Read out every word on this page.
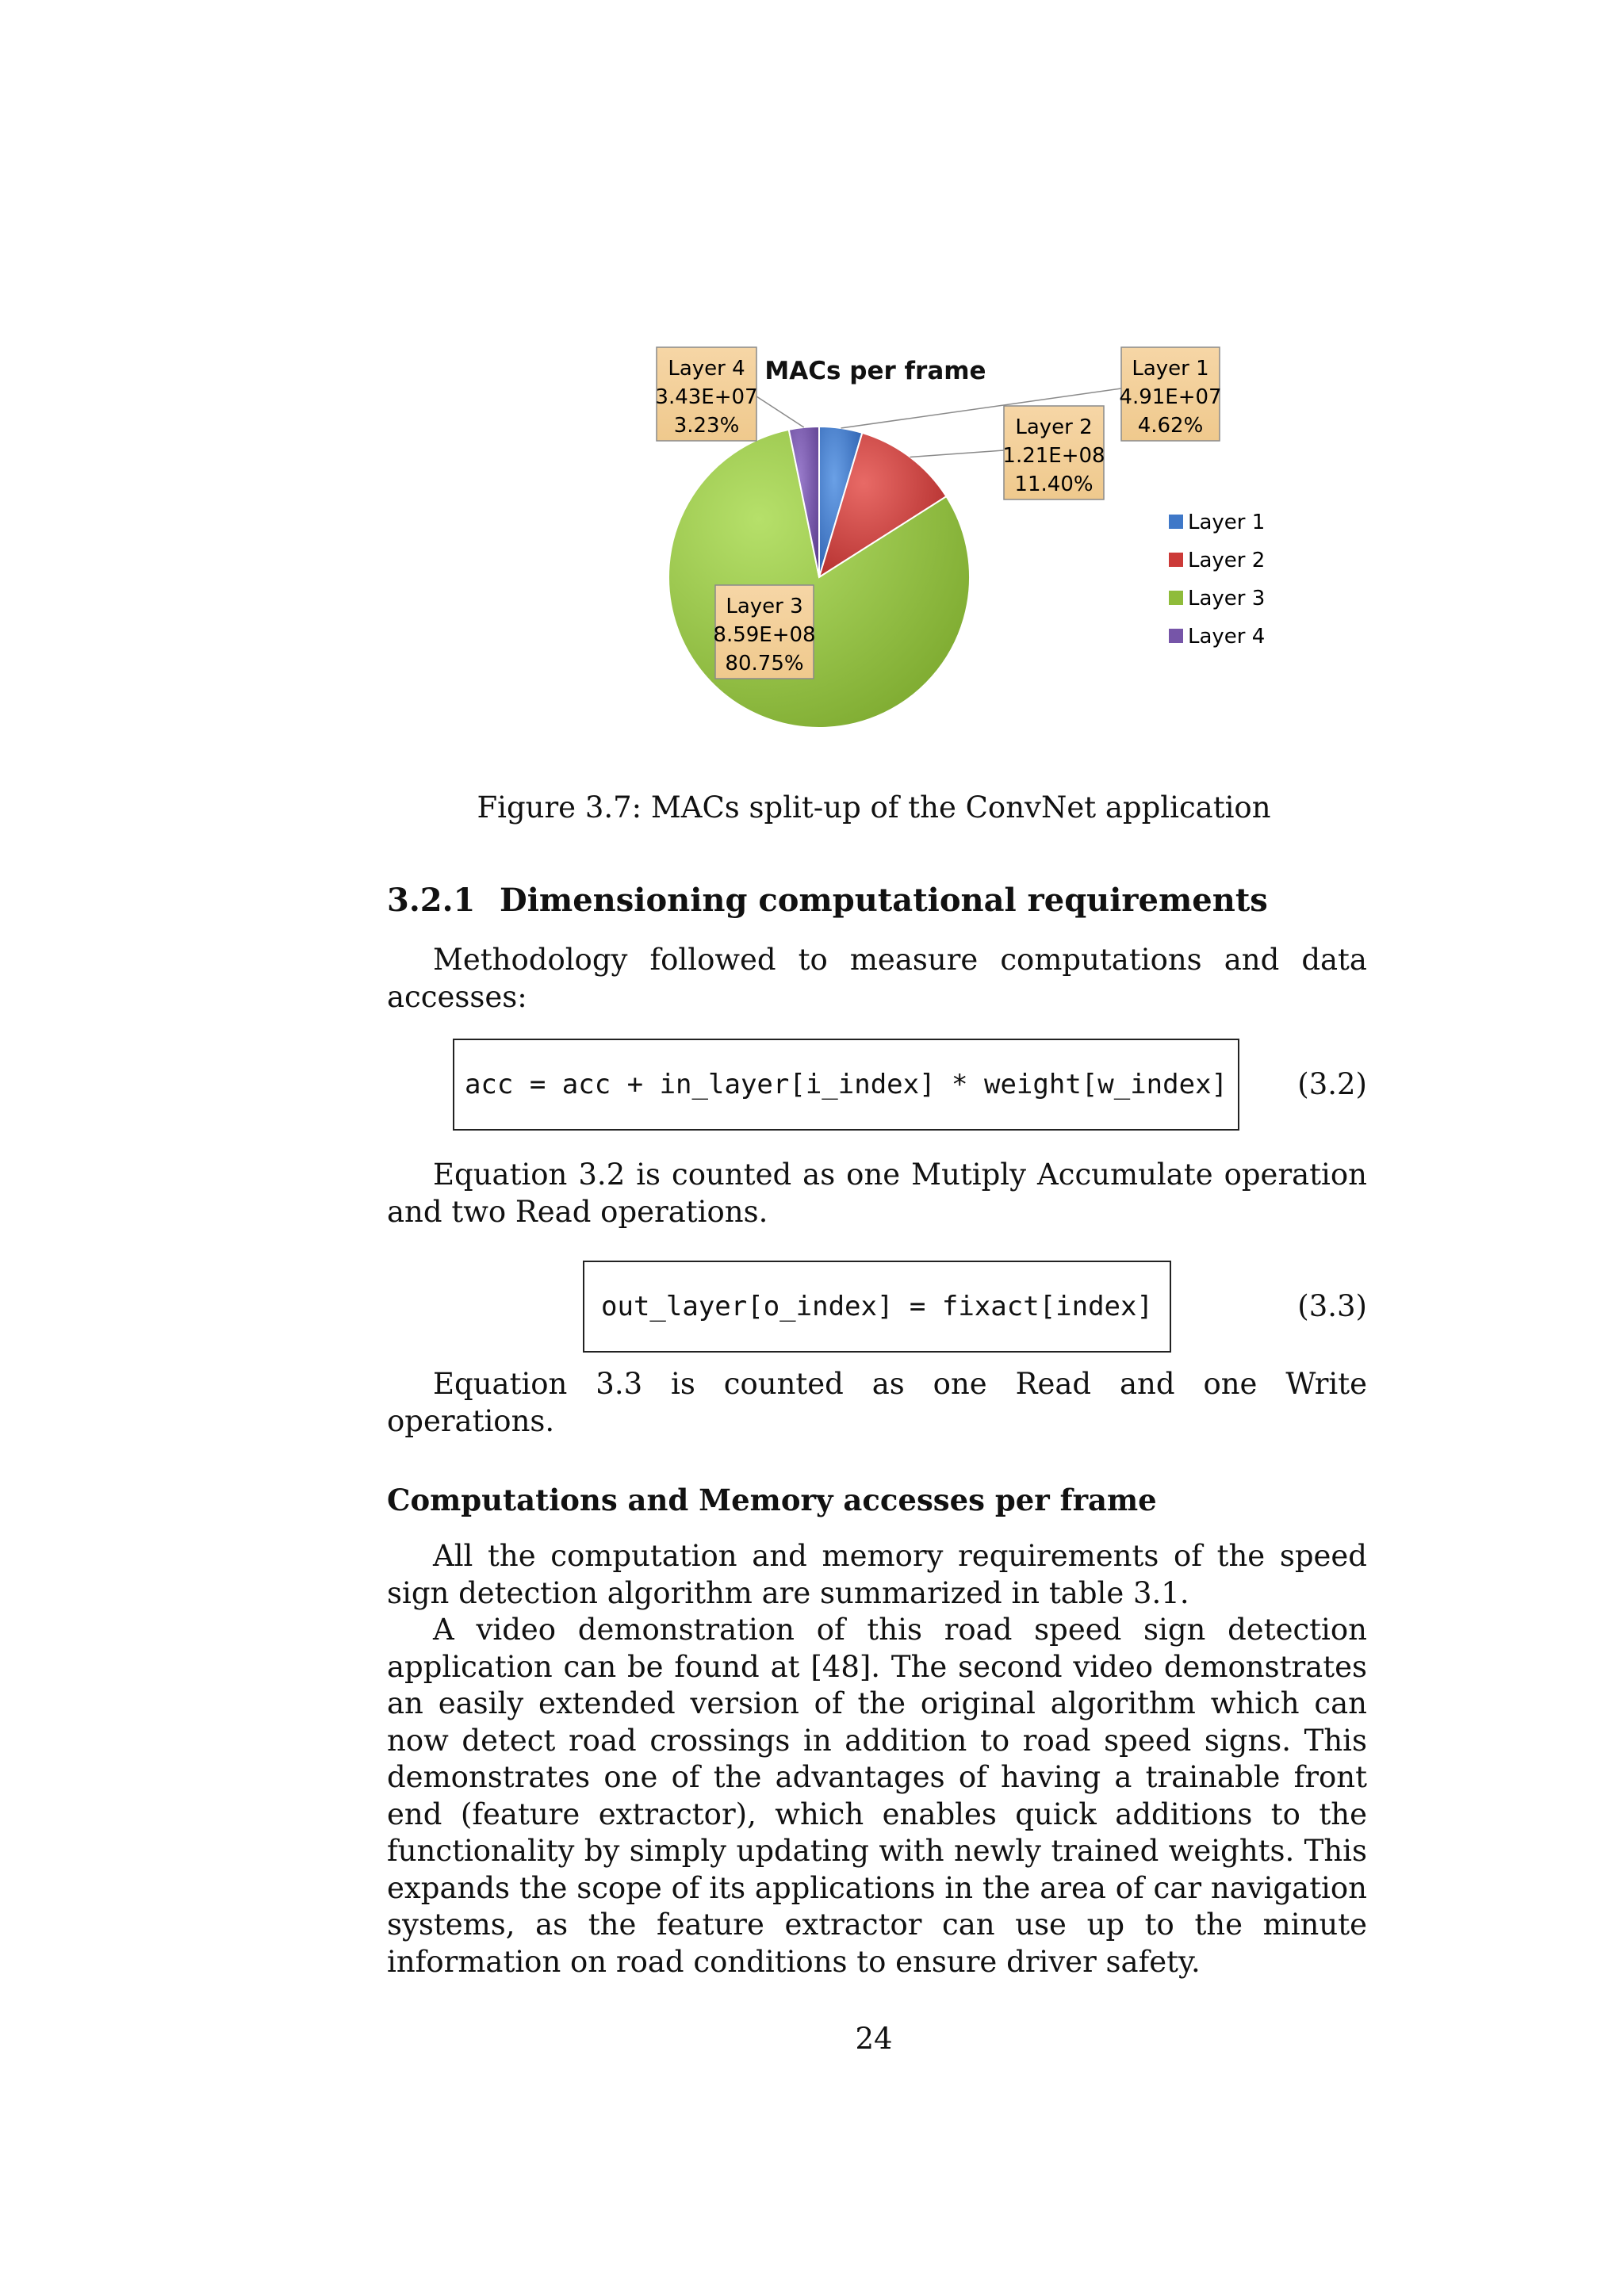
MACs per frame	Layer 1
4.91E+07
4.62%
Layer 2
1.21E+08
11.40%
Layer 3
8.59E+08
80.75%
Layer 4
3.43E+07
3.23%
Layer 1
Layer 2
Layer 3
Layer 4
Figure 3.7: MACs split-up of the ConvNet application
3.2.1 Dimensioning computational requirements
Methodology followed to measure computations and data accesses:
acc = acc + in_layer[i_index] * weight[w_index]	(3.2)
Equation 3.2 is counted as one Mutiply Accumulate operation and two Read operations.
out_layer[o_index] = fixact[index]	(3.3)
Equation 3.3 is counted as one Read and one Write operations.
Computations and Memory accesses per frame
All the computation and memory requirements of the speed sign detection algorithm are summarized in table 3.1.
A video demonstration of this road speed sign detection application can be found at [48]. The second video demonstrates an easily extended version of the original algorithm which can now detect road crossings in addition to road speed signs. This demonstrates one of the advantages of having a trainable front end (feature extractor), which enables quick additions to the functionality by simply updating with newly trained weights. This expands the scope of its applications in the area of car navigation systems, as the feature extractor can use up to the minute information on road conditions to ensure driver safety.
24
